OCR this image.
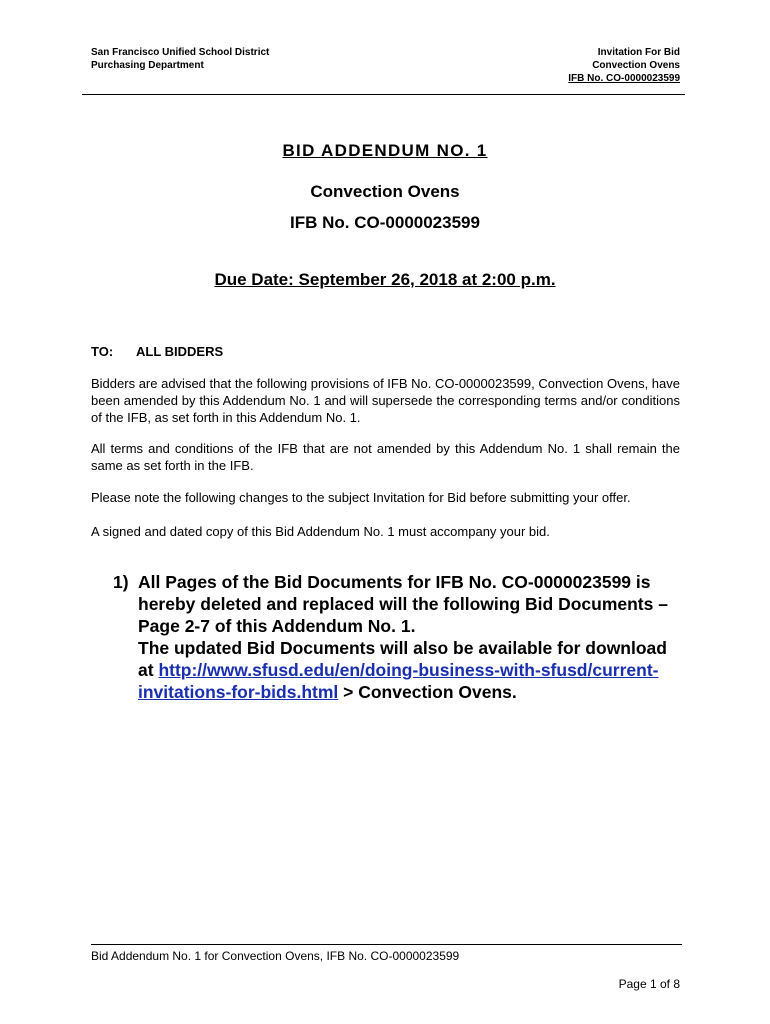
San Francisco Unified School District
Purchasing Department
Invitation For Bid
Convection Ovens
IFB No. CO-0000023599
BID ADDENDUM NO. 1
Convection Ovens
IFB No. CO-0000023599
Due Date: September 26, 2018 at 2:00 p.m.
TO: ALL BIDDERS

Bidders are advised that the following provisions of IFB No. CO-0000023599, Convection Ovens, have been amended by this Addendum No. 1 and will supersede the corresponding terms and/or conditions of the IFB, as set forth in this Addendum No. 1.

All terms and conditions of the IFB that are not amended by this Addendum No. 1 shall remain the same as set forth in the IFB.

Please note the following changes to the subject Invitation for Bid before submitting your offer.

A signed and dated copy of this Bid Addendum No. 1 must accompany your bid.

1) All Pages of the Bid Documents for IFB No. CO-0000023599 is
hereby deleted and replaced will the following Bid Documents –
Page 2-7 of this Addendum No. 1.
The updated Bid Documents will also be available for download
at http://www.sfusd.edu/en/doing-business-with-sfusd/current-
invitations-for-bids.html > Convection Ovens.
Bid Addendum No. 1 for Convection Ovens, IFB No. CO-0000023599
Page 1 of 8
